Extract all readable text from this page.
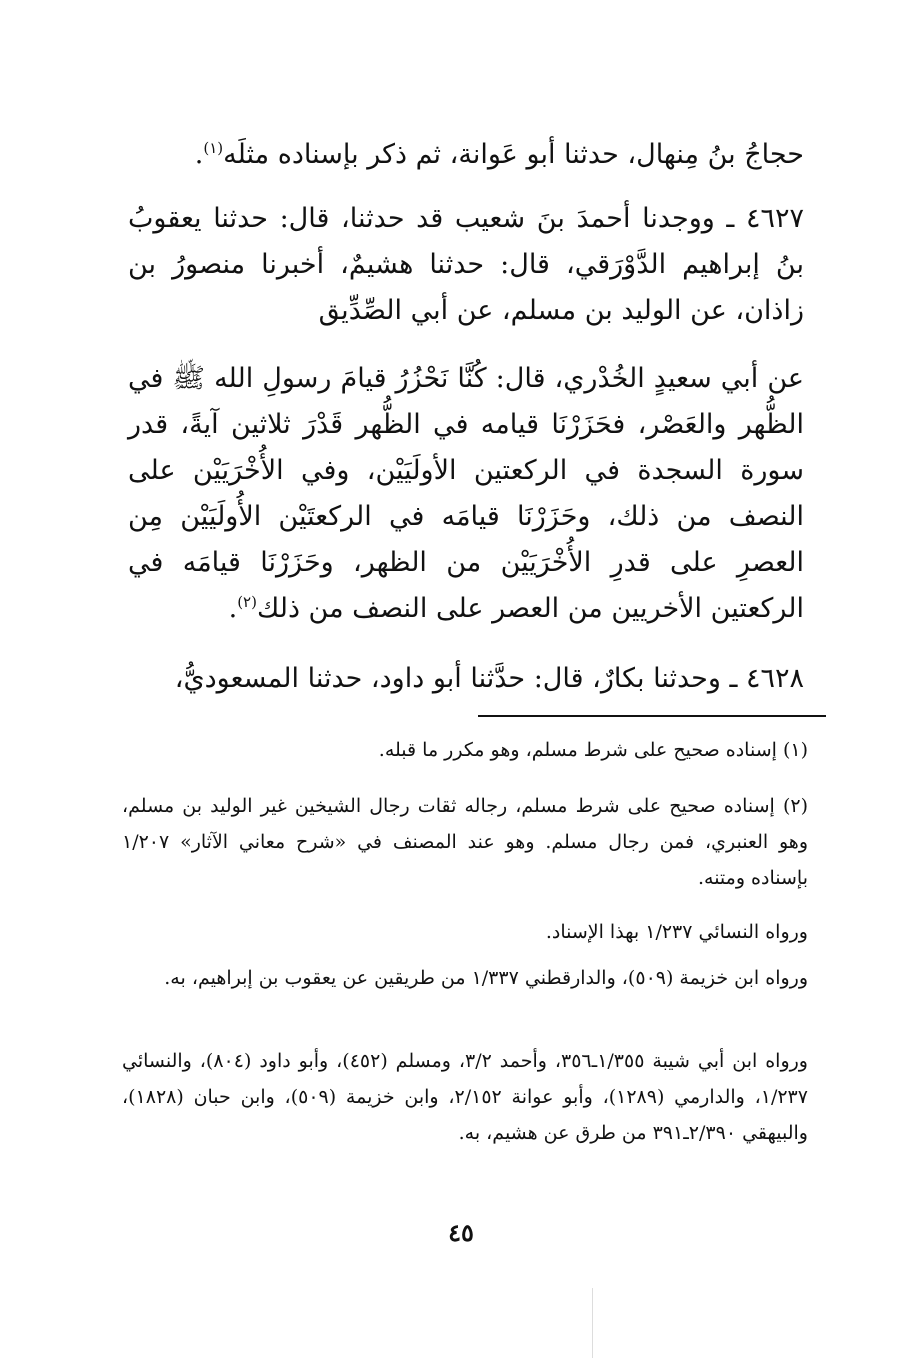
حجاجُ بنُ مِنهال، حدثنا أبو عَوانة، ثم ذكر بإسناده مثلَه$^{(١)}$.

٤٦٢٧ ـ ووجدنا أحمدَ بنَ شعيب قد حدثنا، قال: حدثنا يعقوبُ بنُ إبراهيم الدَّوْرَقي، قال: حدثنا هشيمٌ، أخبرنا منصورُ بن زاذان، عن الوليد بن مسلم، عن أبي الصِّدِّيق

عن أبي سعيدٍ الخُدْري، قال: كُنَّا نَحْزُرُ قيامَ رسولِ الله ﷺ في الظُّهر والعَصْر، فحَزَرْنَا قيامه في الظُّهر قَدْرَ ثلاثين آيةً، قدر سورة السجدة في الركعتين الأولَيَيْن، وفي الأُخْرَيَيْن على النصف من ذلك، وحَزَرْنَا قيامَه في الركعتَيْن الأُولَيَيْن مِن العصرِ على قدرِ الأُخْرَيَيْن من الظهر، وحَزَرْنَا قيامَه في الركعتين الأخريين من العصر على النصف من ذلك$^{(٢)}$.

٤٦٢٨ ـ وحدثنا بكارٌ، قال: حدَّثنا أبو داود، حدثنا المسعوديُّ،

(١) إسناده صحيح على شرط مسلم، وهو مكرر ما قبله.

(٢) إسناده صحيح على شرط مسلم، رجاله ثقات رجال الشيخين غير الوليد بن مسلم، وهو العنبري، فمن رجال مسلم. وهو عند المصنف في «شرح معاني الآثار» ١/٢٠٧ بإسناده ومتنه.

ورواه النسائي ١/٢٣٧ بهذا الإسناد.

ورواه ابن خزيمة (٥٠٩)، والدارقطني ١/٣٣٧ من طريقين عن يعقوب بن إبراهيم، به.

ورواه ابن أبي شيبة ١/٣٥٥ـ٣٥٦، وأحمد ٣/٢، ومسلم (٤٥٢)، وأبو داود (٨٠٤)، والنسائي ١/٢٣٧، والدارمي (١٢٨٩)، وأبو عوانة ٢/١٥٢، وابن خزيمة (٥٠٩)، وابن حبان (١٨٢٨)، والبيهقي ٢/٣٩٠ـ٣٩١ من طرق عن هشيم، به.

٤٥
